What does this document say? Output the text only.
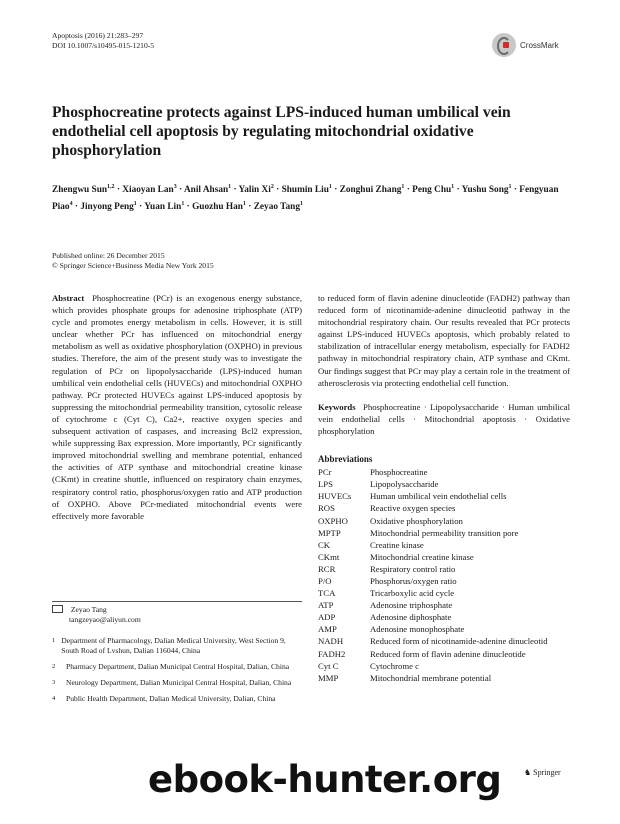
Apoptosis (2016) 21:283–297
DOI 10.1007/s10495-015-1210-5	CrossMark
Phosphocreatine protects against LPS-induced human umbilical vein endothelial cell apoptosis by regulating mitochondrial oxidative phosphorylation
Zhengwu Sun$^{1,2}$ · Xiaoyan Lan$^3$ · Anil Ahsan$^1$ · Yalin $Xi^2 \cdot Shumin$ Liu$^1$ · Zonghui Zhang$^1$ · Peng Chu$^1$ · Yushu Song$^1$ · Fengyuan Piao$^4$ · Jinyong Peng$^1$ · Yuan Lin$^1$ · Guozhu Han$^1$ · Zeyao Tang$^1$
Published online: 26 December 2015
© Springer Science+Business Media New York 2015
Abstract Phosphocreatine (PCr) is an exogenous energy substance, which provides phosphate groups for adenosine triphosphate (ATP) cycle and promotes energy metabolism in cells. However, it is still unclear whether PCr has influenced on mitochondrial energy metabolism as well as oxidative phosphorylation (OXPHO) in previous studies. Therefore, the aim of the present study was to investigate the regulation of PCr on lipopolysaccharide (LPS)-induced human umbilical vein endothelial cells (HUVECs) and mitochondrial OXPHO pathway. PCr protected HUVECs against LPS-induced apoptosis by suppressing the mitochondrial permeability transition, cytosolic release of cytochrome c (Cyt C), Ca2+, reactive oxygen species and subsequent activation of caspases, and increasing Bcl2 expression, while suppressing Bax expression. More importantly, PCr significantly improved mitochondrial swelling and membrane potential, enhanced the activities of ATP synthase and mitochondrial creatine kinase (CKmt) in creatine shuttle, influenced on respiratory chain enzymes, respiratory control ratio, phosphorus/oxygen ratio and ATP production of OXPHO. Above PCr-mediated mitochondrial events were effectively more favorable
to reduced form of flavin adenine dinucleotide (FADH2) pathway than reduced form of nicotinamide-adenine dinucleotid pathway in the mitochondrial respiratory chain. Our results revealed that PCr protects against LPS-induced HUVECs apoptosis, which probably related to stabilization of intracellular energy metabolism, especially for FADH2 pathway in mitochondrial respiratory chain, ATP synthase and CKmt. Our findings suggest that PCr may play a certain role in the treatment of atherosclerosis via protecting endothelial cell function.
Keywords Phosphocreatine · Lipopolysaccharide · Human umbilical vein endothelial cells · Mitochondrial apoptosis · Oxidative phosphorylation
Abbreviations
PCr	Phosphocreatine
LPS	Lipopolysaccharide
HUVECs	Human umbilical vein endothelial cells
ROS	Reactive oxygen species
OXPHO	Oxidative phosphorylation
MPTP	Mitochondrial permeability transition pore
CK	Creatine kinase
CKmt	Mitochondrial creatine kinase
RCR	Respiratory control ratio
P/O	Phosphorus/oxygen ratio
TCA	Tricarboxylic acid cycle
ATP	Adenosine triphosphate
ADP	Adenosine diphosphate
AMP	Adenosine monophosphate
NADH	Reduced form of nicotinamide-adenine dinucleotid
FADH2	Reduced form of flavin adenine dinucleotide
Cyt C	Cytochrome c
MMP	Mitochondrial membrane potential
Zeyao Tang
tangzeyao@aliyun.com
1 Department of Pharmacology, Dalian Medical University, West Section 9, South Road of Lvshun, Dalian 116044, China
2	Pharmacy Department, Dalian Municipal Central Hospital, Dalian, China
3	Neurology Department, Dalian Municipal Central Hospital, Dalian, China
4	Public Health Department, Dalian Medical University, Dalian, China
ebook-hunter.org	♞ Springer
